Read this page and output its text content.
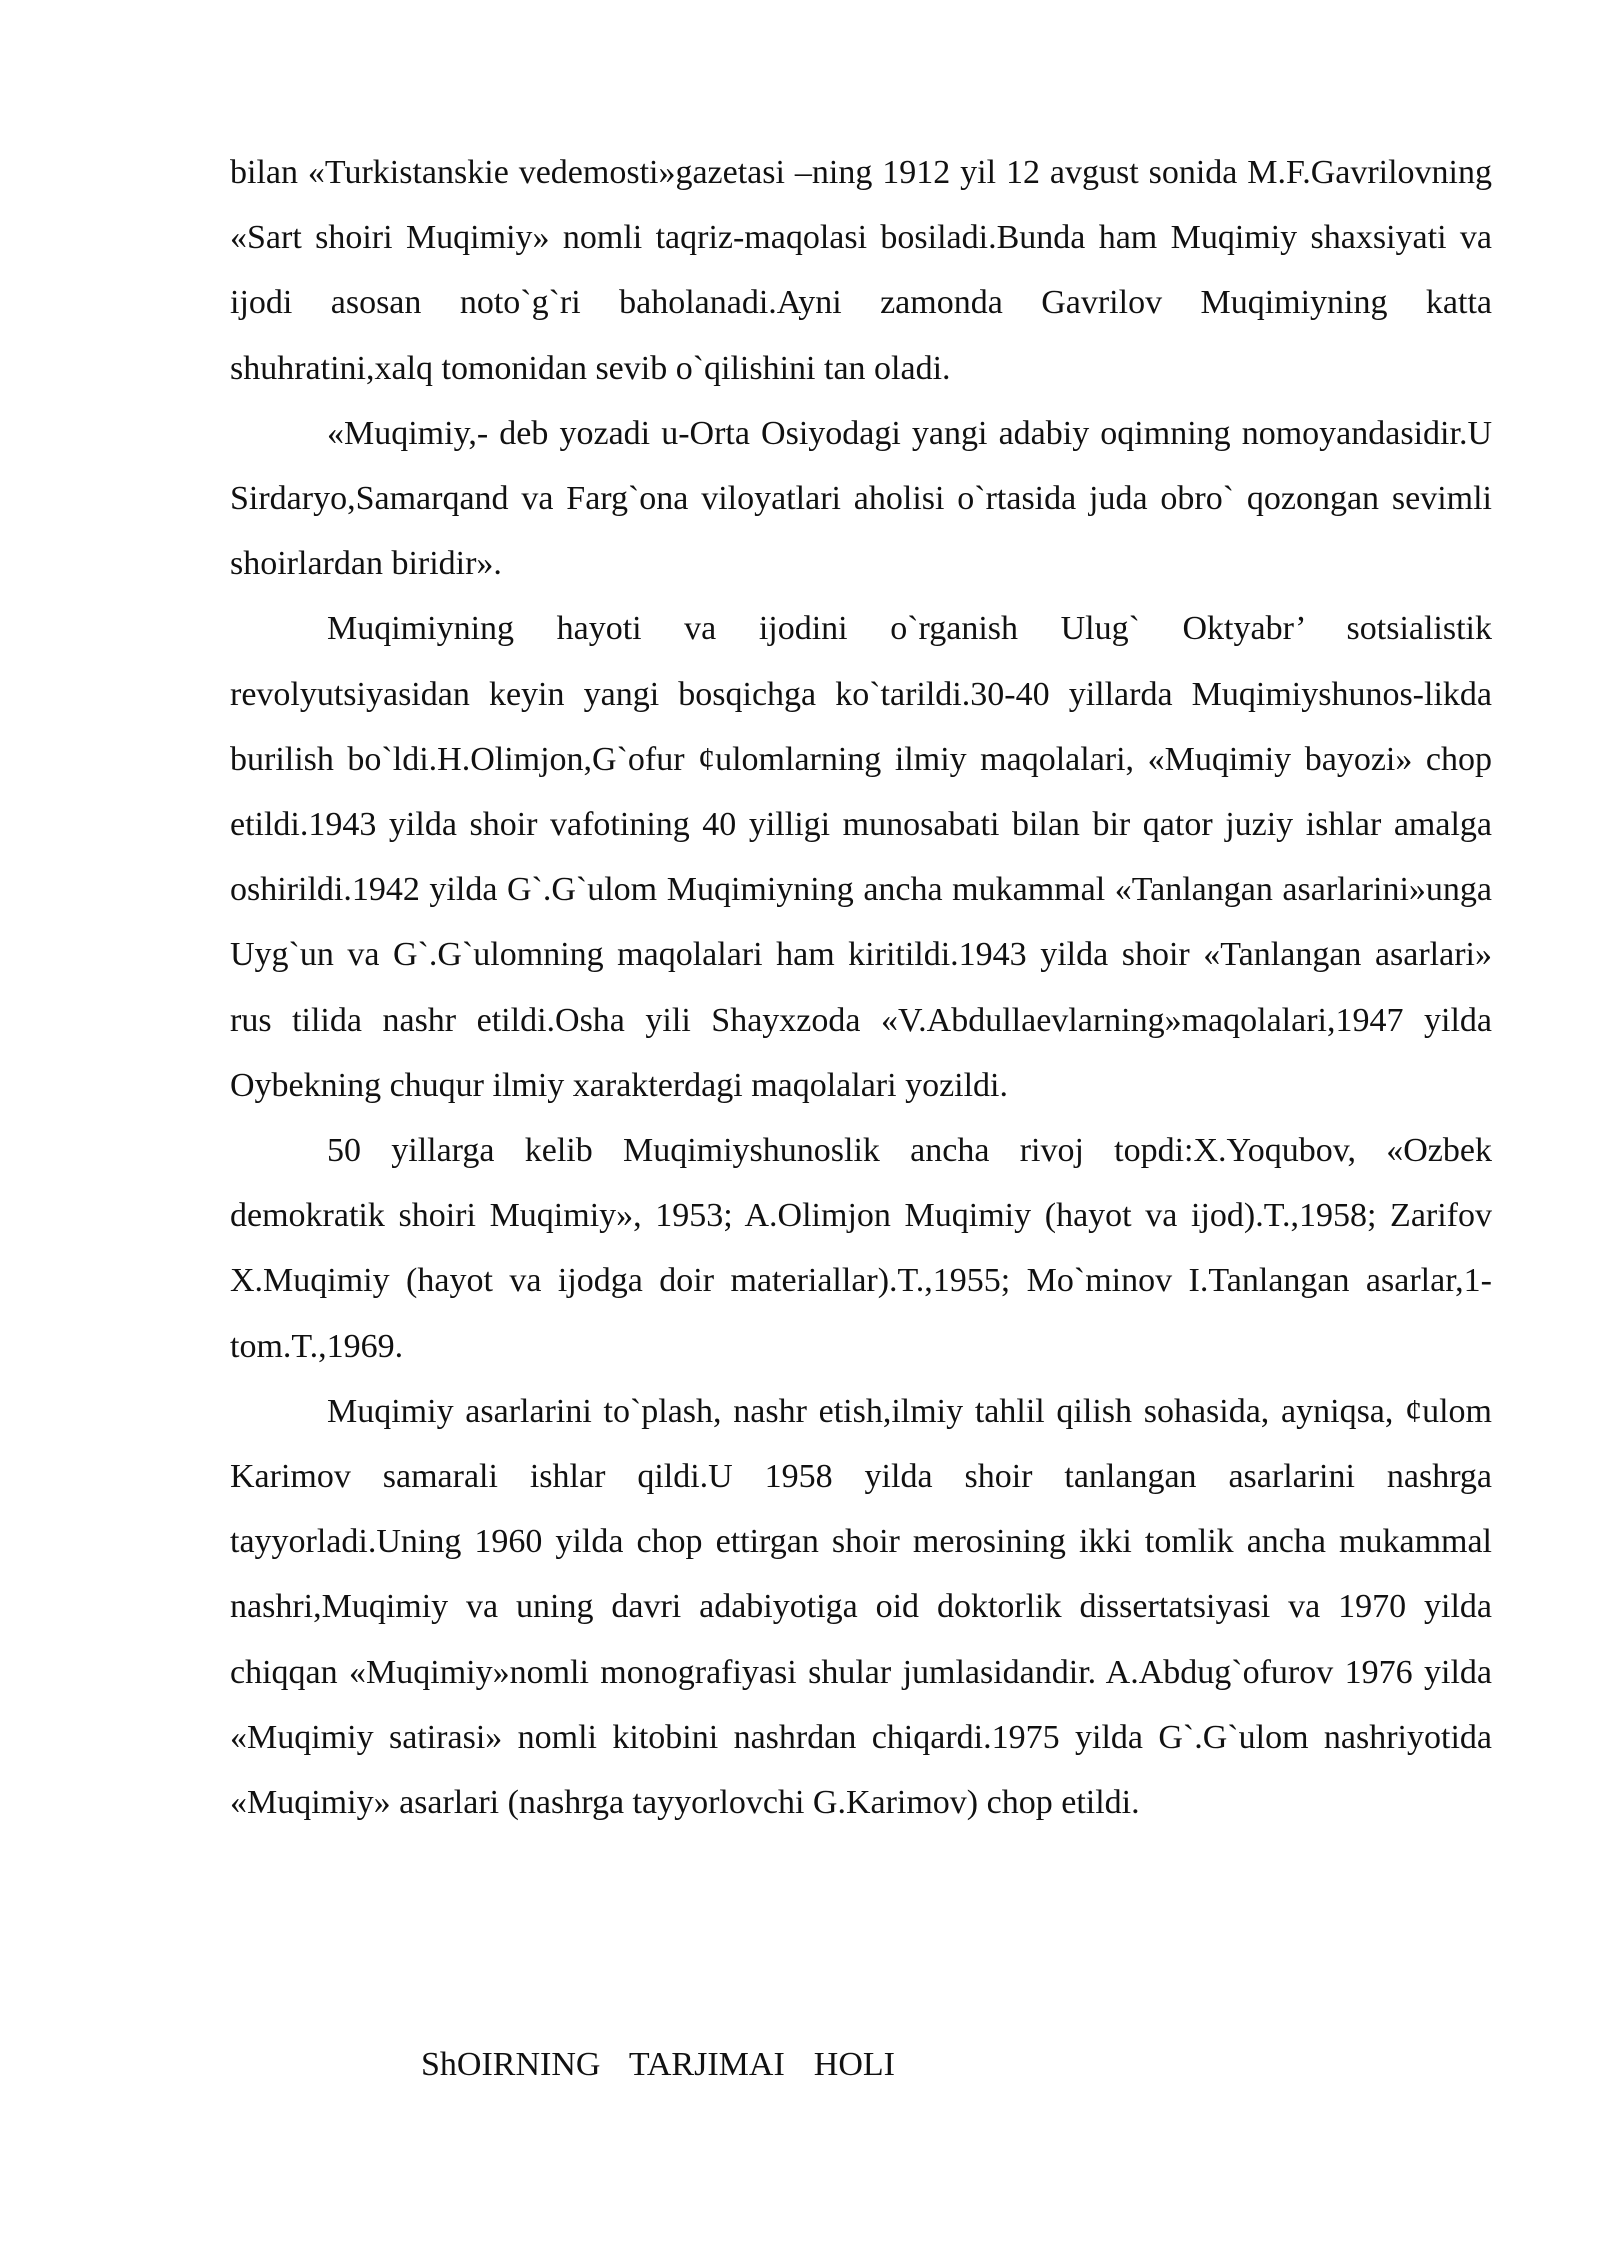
bilan «Turkistanskie vedemosti»gazetasi –ning 1912 yil 12 avgust sonida M.F.Gavrilovning «Sart shoiri Muqimiy» nomli taqriz-maqolasi bosiladi.Bunda ham Muqimiy shaxsiyati va ijodi asosan noto`g`ri baholanadi.Ayni zamonda Gavrilov Muqimiyning katta shuhratini,xalq tomonidan sevib o`qilishini tan oladi.

«Muqimiy,- deb yozadi u-Orta Osiyodagi yangi adabiy oqimning nomoyandasidir.U Sirdaryo,Samarqand va Farg`ona viloyatlari aholisi o`rtasida juda obro` qozongan sevimli shoirlardan biridir».

Muqimiyning hayoti va ijodini o`rganish Ulug` Oktyabr’ sotsialistik revolyutsiyasidan keyin yangi bosqichga ko`tarildi.30-40 yillarda Muqimiyshunos-likda burilish bo`ldi.H.Olimjon,G`ofur ¢ulomlarning ilmiy maqolalari, «Muqimiy bayozi» chop etildi.1943 yilda shoir vafotining 40 yilligi munosabati bilan bir qator juziy ishlar amalga oshirildi.1942 yilda G`.G`ulom Muqimiyning ancha mukammal «Tanlangan asarlarini»unga Uyg`un va G`.G`ulomning maqolalari ham kiritildi.1943 yilda shoir «Tanlangan asarlari» rus tilida nashr etildi.Osha yili Shayxzoda «V.Abdullaevlarning»maqolalari,1947 yilda Oybekning chuqur ilmiy xarakterdagi maqolalari yozildi.

50 yillarga kelib Muqimiyshunoslik ancha rivoj topdi:X.Yoqubov, «Ozbek demokratik shoiri Muqimiy», 1953; A.Olimjon Muqimiy (hayot va ijod).T.,1958; Zarifov X.Muqimiy (hayot va ijodga doir materiallar).T.,1955; Mo`minov I.Tanlangan asarlar,1-tom.T.,1969.

Muqimiy asarlarini to`plash, nashr etish,ilmiy tahlil qilish sohasida, ayniqsa, ¢ulom Karimov samarali ishlar qildi.U 1958 yilda shoir tanlangan asarlarini nashrga tayyorladi.Uning 1960 yilda chop ettirgan shoir merosining ikki tomlik ancha mukammal nashri,Muqimiy va uning davri adabiyotiga oid doktorlik dissertatsiyasi va 1970 yilda chiqqan «Muqimiy»nomli monografiyasi shular jumlasidandir. A.Abdug`ofurov 1976 yilda «Muqimiy satirasi» nomli kitobini nashrdan chiqardi.1975 yilda G`.G`ulom nashriyotida «Muqimiy» asarlari (nashrga tayyorlovchi G.Karimov) chop etildi.

ShOIRNING  TARJIMAI  HOLI
